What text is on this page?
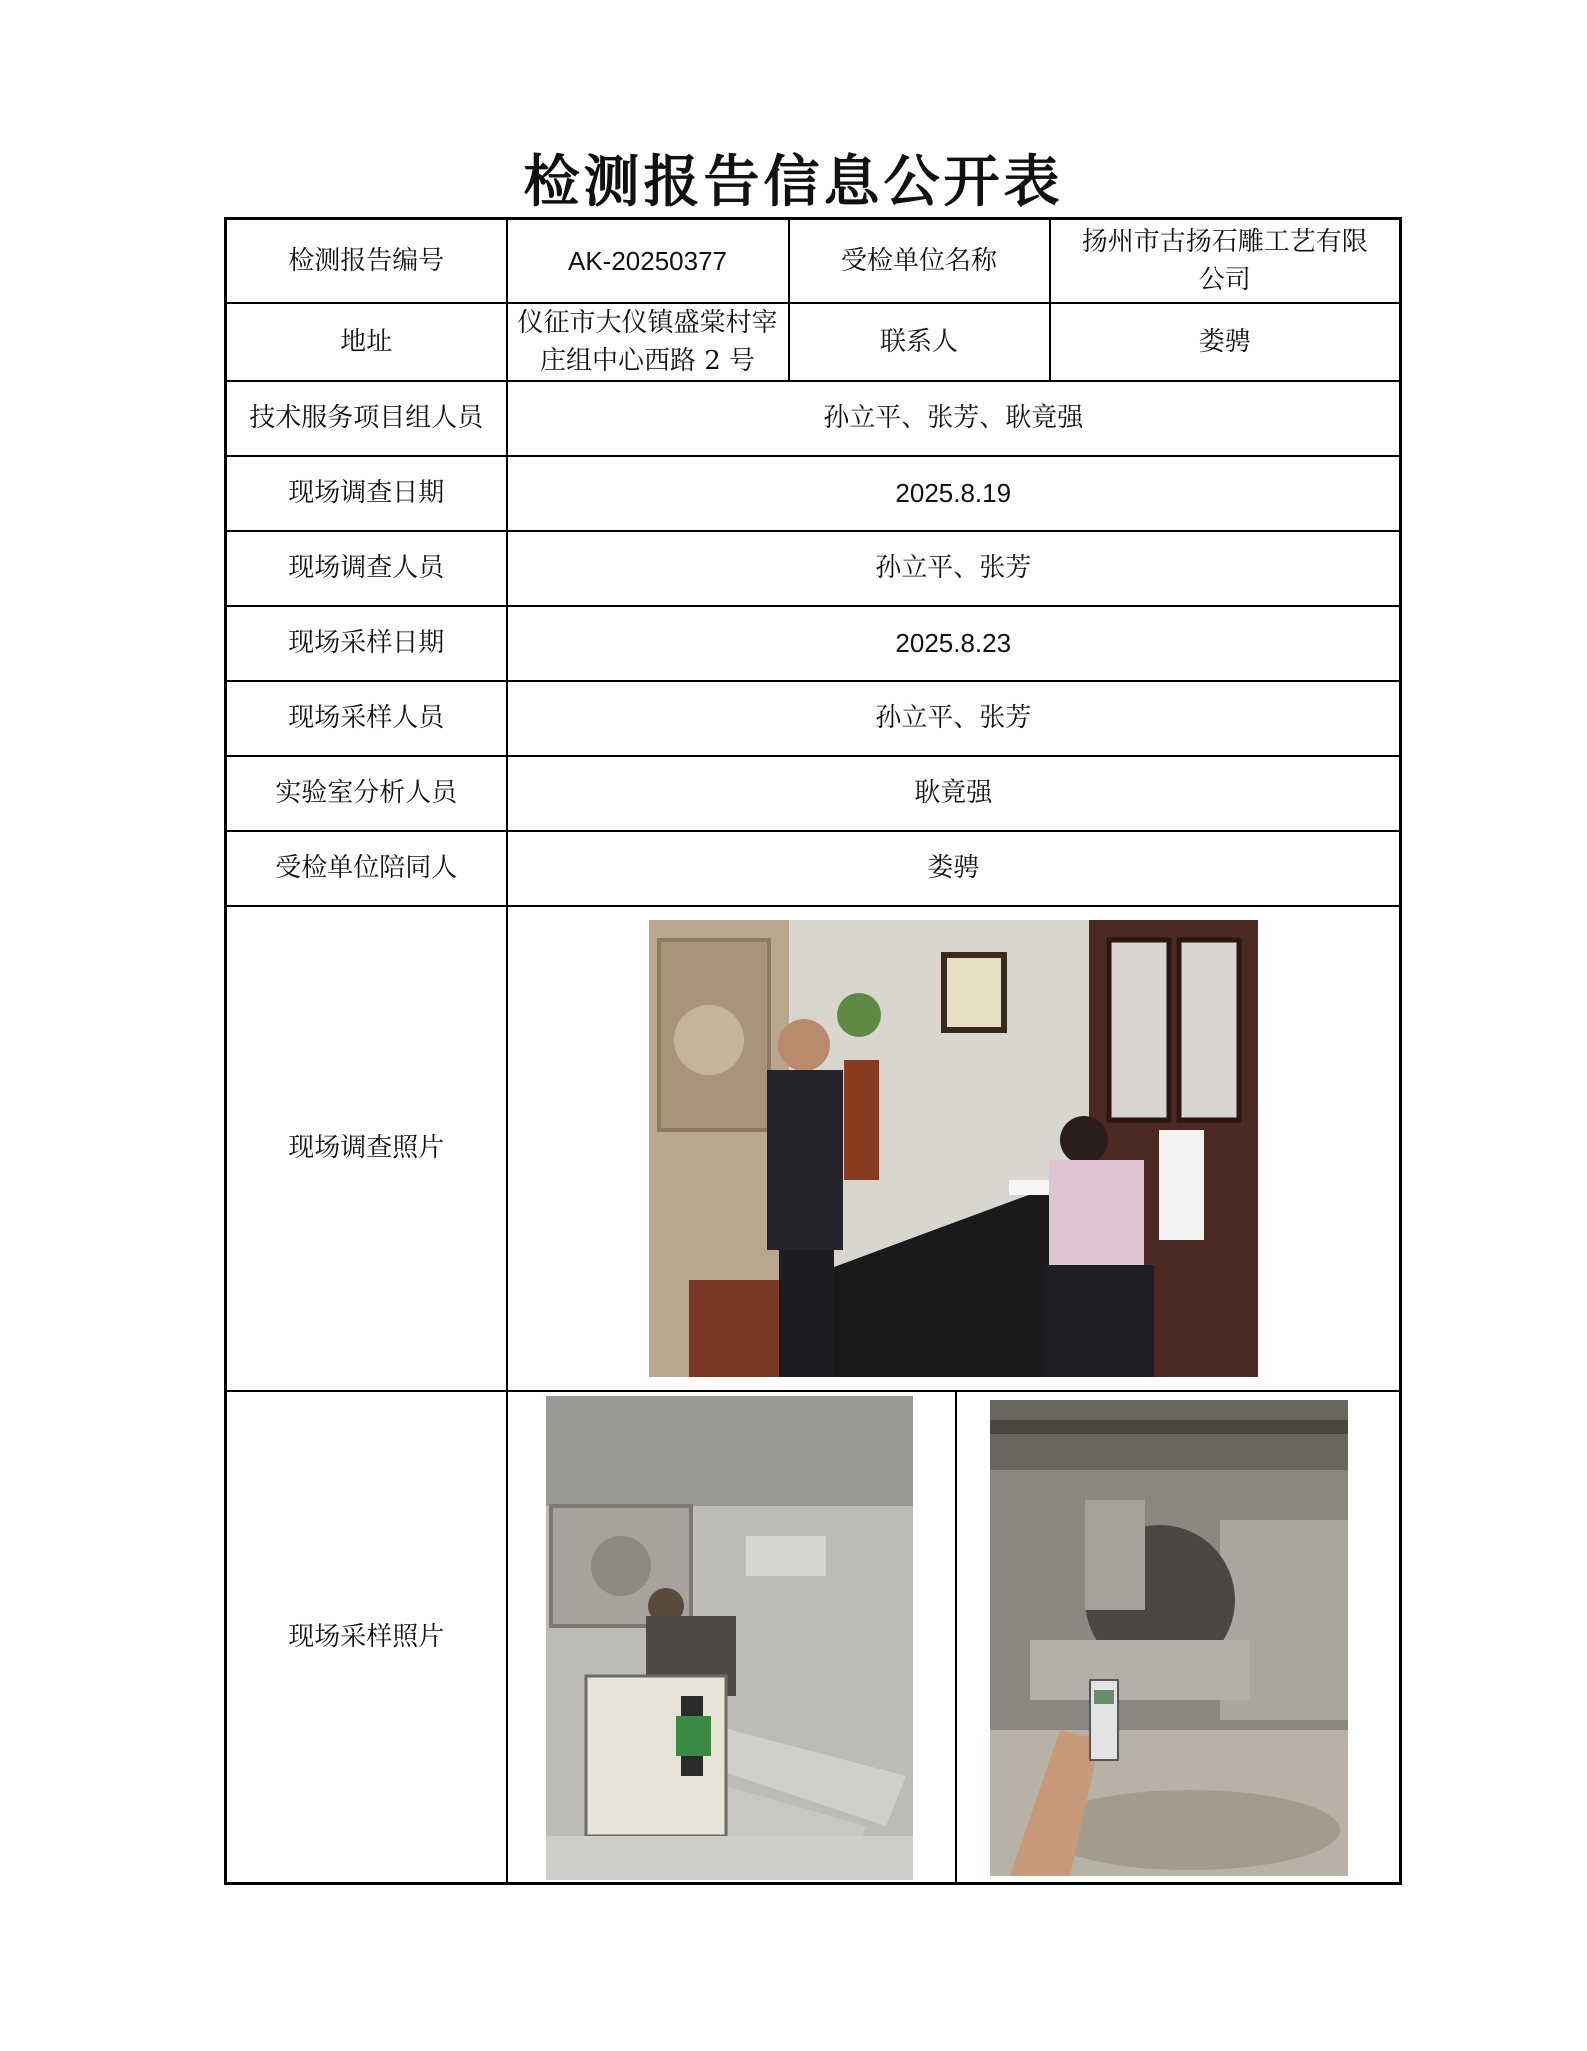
检测报告信息公开表
检测报告编号	AK-20250377	受检单位名称	扬州市古扬石雕工艺有限公司
地址	仪征市大仪镇盛棠村宰庄组中心西路 2 号	联系人	娄骋
技术服务项目组人员	孙立平、张芳、耿竟强		
现场调查日期	2025.8.19		
现场调查人员	孙立平、张芳		
现场采样日期	2025.8.23		
现场采样人员	孙立平、张芳		
实验室分析人员	耿竟强		
受检单位陪同人	娄骋		
现场调查照片	

现场采样照片	
